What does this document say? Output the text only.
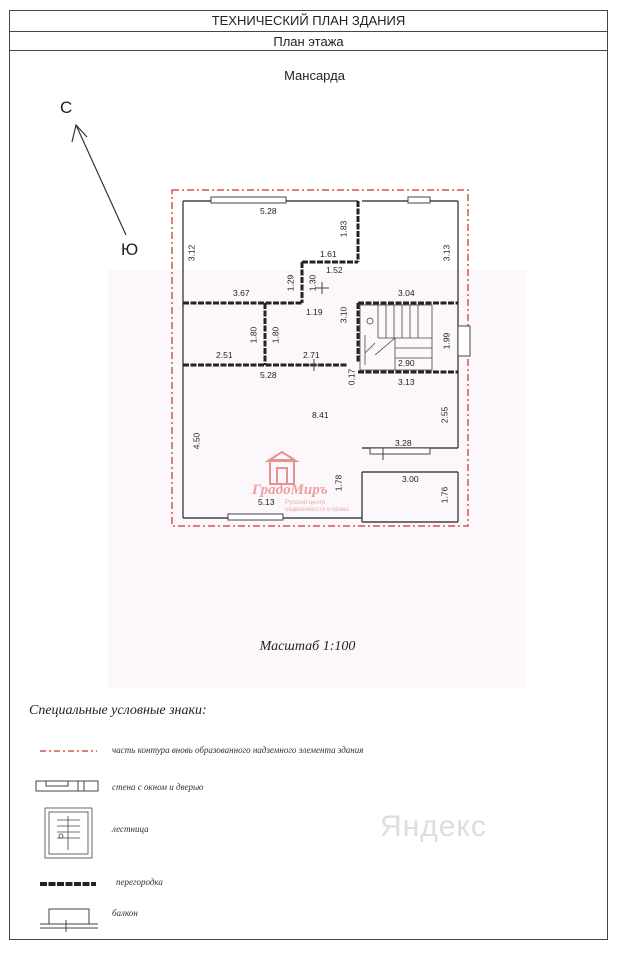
ТЕХНИЧЕСКИЙ ПЛАН ЗДАНИЯ
План этажа
Мансарда
С
Ю
5.28
1.83
3.12	3.13
1.61
1.52
1.29 1.30
3.67	3.04
1.19 3.10
1.80 1.80	1.99
2.51	2.71
2.90
5.28	0.17	3.13
8.41	2.55
4.50	3.28
3.00
1.76
1.78
5.13
ГрадоМиръ
Русский центр
недвижимости и права
Масштаб 1:100
Специальные условные знаки:
часть контура вновь образованного надземного элемента здания
стена с окном и дверью
лестница
перегородка
балкон
Яндекс
